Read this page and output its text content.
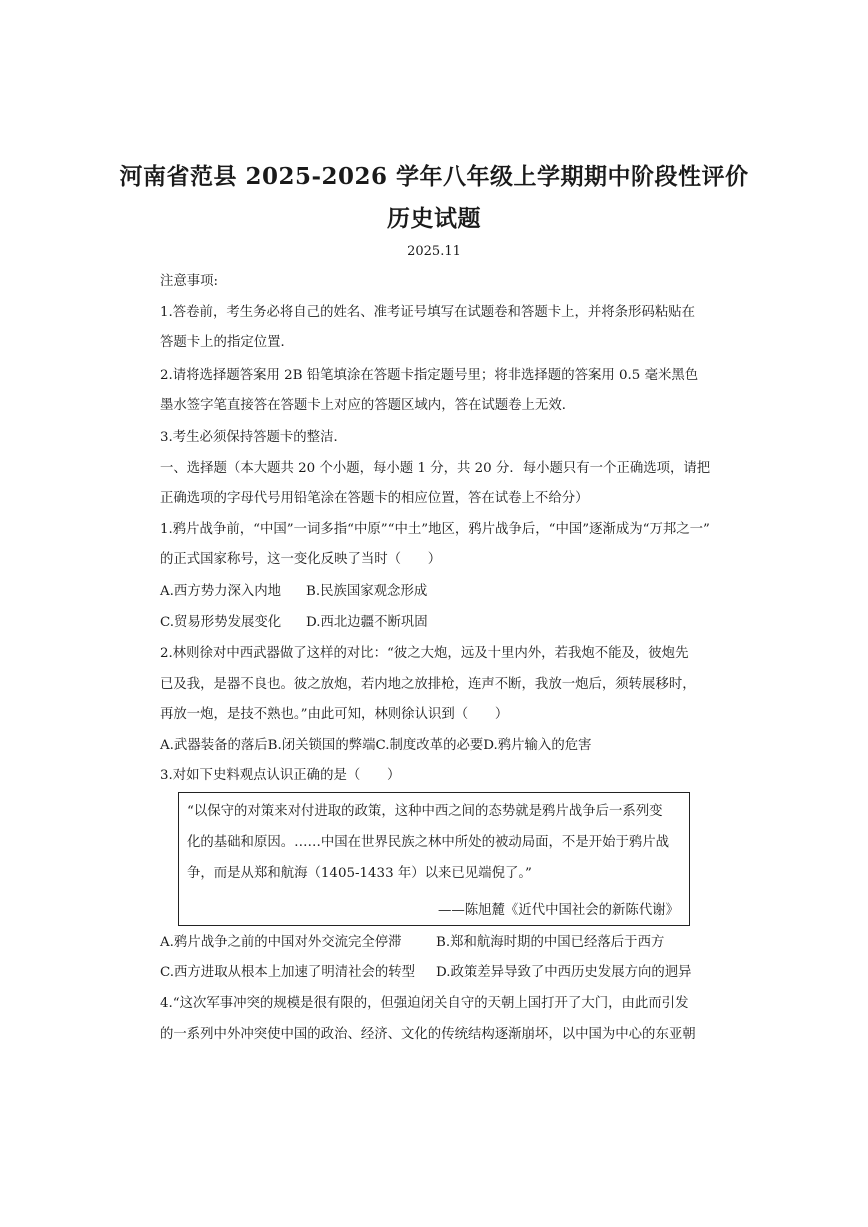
河南省范县 2025-2026 学年八年级上学期期中阶段性评价
历史试题
2025.11
注意事项:
1.答卷前，考生务必将自己的姓名、准考证号填写在试题卷和答题卡上，并将条形码粘贴在
答题卡上的指定位置．
2.请将选择题答案用 2B 铅笔填涂在答题卡指定题号里；将非选择题的答案用 0.5 毫米黑色
墨水签字笔直接答在答题卡上对应的答题区域内，答在试题卷上无效．
3.考生必须保持答题卡的整洁．
一、选择题（本大题共 20 个小题，每小题 1 分，共 20 分．每小题只有一个正确选项，请把
正确选项的字母代号用铅笔涂在答题卡的相应位置，答在试卷上不给分）
1.鸦片战争前，“中国”一词多指“中原”“中土”地区，鸦片战争后，“中国”逐渐成为“万邦之一”
的正式国家称号，这一变化反映了当时（　　）
A.西方势力深入内地 B.民族国家观念形成
C.贸易形势发展变化 D.西北边疆不断巩固
2.林则徐对中西武器做了这样的对比：“彼之大炮，远及十里内外，若我炮不能及，彼炮先
已及我，是器不良也。彼之放炮，若内地之放排枪，连声不断，我放一炮后，须转展移时，
再放一炮，是技不熟也。”由此可知，林则徐认识到（　　）
A.武器装备的落后B.闭关锁国的弊端C.制度改革的必要D.鸦片输入的危害
3.对如下史料观点认识正确的是（　　）
“以保守的对策来对付进取的政策，这种中西之间的态势就是鸦片战争后一系列变
化的基础和原因。……中国在世界民族之林中所处的被动局面，不是开始于鸦片战
争，而是从郑和航海（1405-1433 年）以来已见端倪了。”
——陈旭麓《近代中国社会的新陈代谢》
A.鸦片战争之前的中国对外交流完全停滞	B.郑和航海时期的中国已经落后于西方
C.西方进取从根本上加速了明清社会的转型 D.政策差异导致了中西历史发展方向的迥异
4.“这次军事冲突的规模是很有限的，但强迫闭关自守的天朝上国打开了大门，由此而引发
的一系列中外冲突使中国的政治、经济、文化的传统结构逐渐崩坏，以中国为中心的东亚朝
